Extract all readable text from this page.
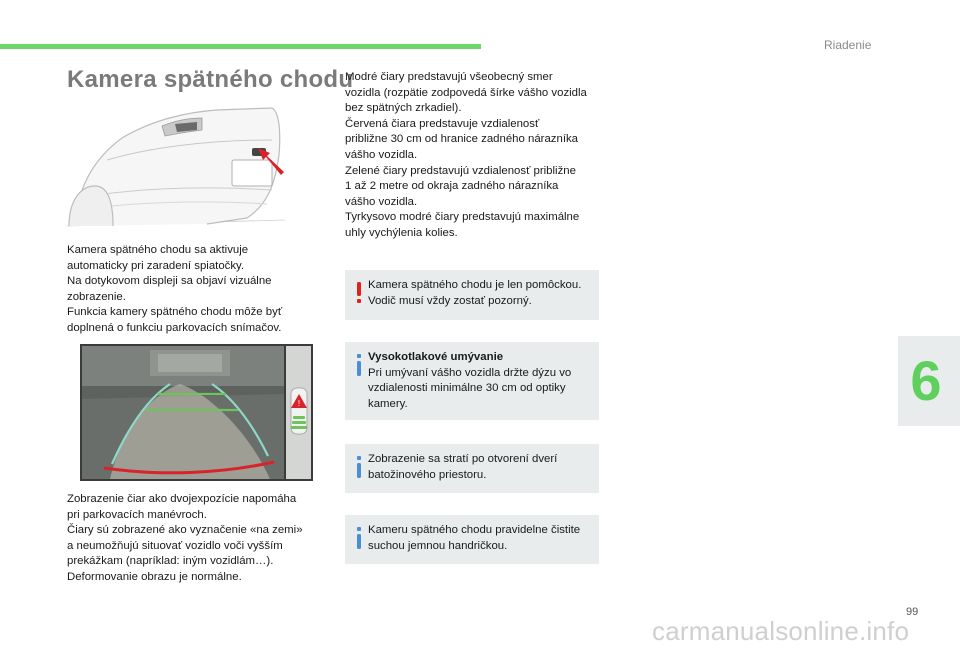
Riadenie
Kamera spätného chodu

Kamera spätného chodu sa aktivuje

automaticky pri zaradení spiatočky.

Na dotykovom displeji sa objaví vizuálne

zobrazenie.

Funkcia kamery spätného chodu môže byť

doplnená o funkciu parkovacích snímačov.

!

Zobrazenie čiar ako dvojexpozície napomáha

pri parkovacích manévroch.

Čiary sú zobrazené ako vyznačenie «na zemi»

a neumožňujú situovať vozidlo voči vyšším

prekážkam (napríklad: iným vozidlám…).

Deformovanie obrazu je normálne.

Modré čiary predstavujú všeobecný smer

vozidla (rozpätie zodpovedá šírke vášho vozidla

bez spätných zrkadiel).

Červená čiara predstavuje vzdialenosť

približne 30 cm od hranice zadného nárazníka

vášho vozidla.

Zelené čiary predstavujú vzdialenosť približne

1 až 2 metre od okraja zadného nárazníka

vášho vozidla.

Tyrkysovo modré čiary predstavujú maximálne

uhly vychýlenia kolies.

Kamera spätného chodu je len pomôckou.

Vodič musí vždy zostať pozorný.

Vysokotlakové umývanie

Pri umývaní vášho vozidla držte dýzu vo

vzdialenosti minimálne 30 cm od optiky

kamery.

Zobrazenie sa stratí po otvorení dverí

batožinového priestoru.

Kameru spätného chodu pravidelne čistite

suchou jemnou handričkou.

6
99
carmanualsonline.info
